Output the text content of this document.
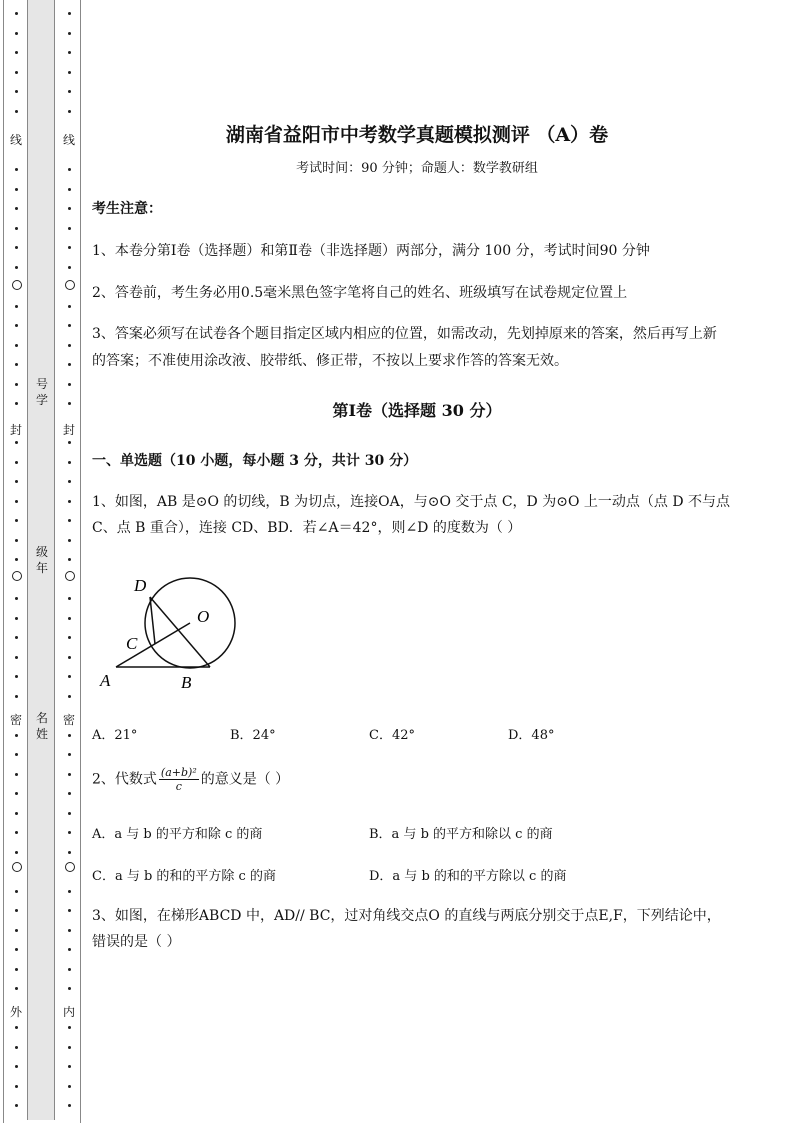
线
封
密
外
线
封
密
内
号学
级年
名姓
湖南省益阳市中考数学真题模拟测评 （A）卷
考试时间：90 分钟；命题人：数学教研组
考生注意：
1、本卷分第Ⅰ卷（选择题）和第Ⅱ卷（非选择题）两部分，满分 100 分，考试时间90 分钟
2、答卷前，考生务必用0.5毫米黑色签字笔将自己的姓名、班级填写在试卷规定位置上
3、答案必须写在试卷各个题目指定区域内相应的位置，如需改动，先划掉原来的答案，然后再写上新
的答案；不准使用涂改液、胶带纸、修正带，不按以上要求作答的答案无效。
第Ⅰ卷（选择题 30 分）
一、单选题（10 小题，每小题 3 分，共计 30 分）
1、如图，AB 是⊙O 的切线，B 为切点，连接OA，与⊙O 交于点 C，D 为⊙O 上一动点（点 D 不与点
C、点 B 重合），连接 CD、BD．若∠A＝42°，则∠D 的度数为（ ）
D
C
O
A	B
A．21°	B．24°	C．42°	D．48°
2、代数式 $\frac{\text{(a+b)²}}{c}$ 的意义是（ ）
A．a 与 b 的平方和除 c 的商	B．a 与 b 的平方和除以 c 的商
C．a 与 b 的和的平方除 c 的商	D．a 与 b 的和的平方除以 c 的商
3、如图，在梯形ABCD 中，AD// BC，过对角线交点O 的直线与两底分别交于点E,F，下列结论中，
错误的是（ ）
